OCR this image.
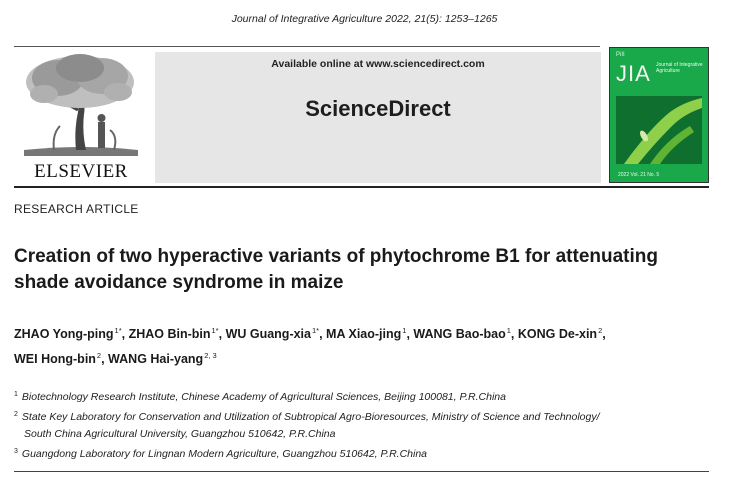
Journal of Integrative Agriculture 2022, 21(5): 1253–1265
ELSEVIER
Available online at www.sciencedirect.com
ScienceDirect
PiII
JIA Journal of Integrative Agriculture
2022 Vol. 21 No. 5
RESEARCH ARTICLE
Creation of two hyperactive variants of phytochrome B1 for attenuating shade avoidance syndrome in maize
ZHAO Yong-ping$^{1*}$, ZHAO Bin-bin$^{1*}$, WU Guang-xia$^{1*}$, MA Xiao-jing$^1$, WANG Bao-bao$^1$, KONG De-xin$^2$,
WEI Hong-bin$^2$, WANG Hai-yang$^{2, 3}$
$^1$ Biotechnology Research Institute, Chinese Academy of Agricultural Sciences, Beijing 100081, P.R.China
$^2$ State Key Laboratory for Conservation and Utilization of Subtropical Agro-Bioresources, Ministry of Science and Technology/
South China Agricultural University, Guangzhou 510642, P.R.China
$^3$ Guangdong Laboratory for Lingnan Modern Agriculture, Guangzhou 510642, P.R.China
